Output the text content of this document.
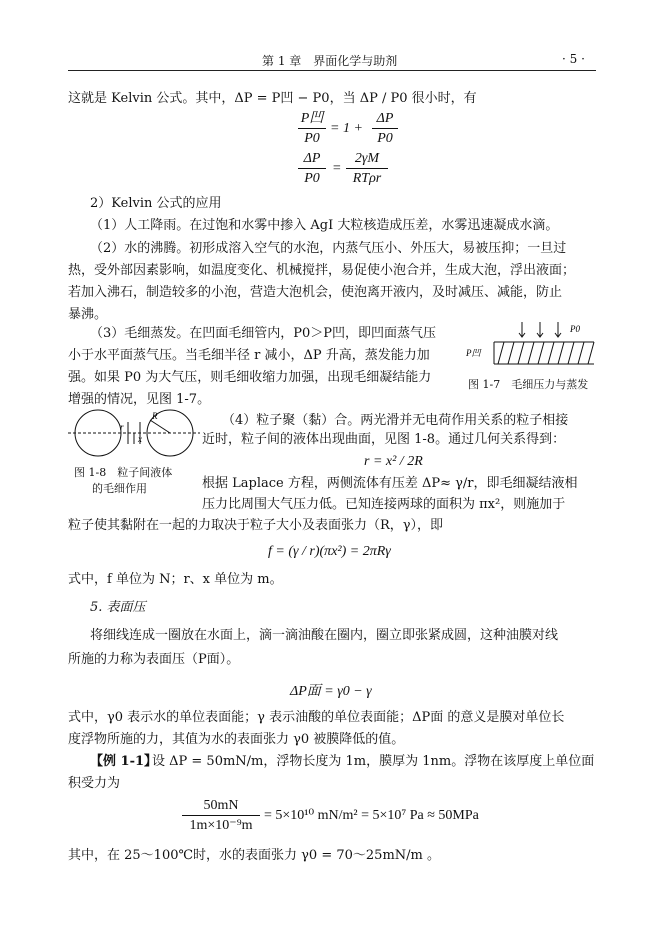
第 1 章　界面化学与助剂	· 5 ·
这就是 Kelvin 公式。其中，ΔP = P凹 − P0，当 ΔP / P0 很小时，有
P凹
P0
= 1 +
ΔP
P0
ΔP
P0
=
2γM
RTρr
2）Kelvin 公式的应用
（1）人工降雨。在过饱和水雾中掺入 AgI 大粒核造成压差，水雾迅速凝成水滴。
（2）水的沸腾。初形成溶入空气的水泡，内蒸气压小、外压大，易被压抑；一旦过
热，受外部因素影响，如温度变化、机械搅拌，易促使小泡合并，生成大泡，浮出液面；
若加入沸石，制造较多的小泡，营造大泡机会，使泡离开液内，及时减压、减能，防止
暴沸。
（3）毛细蒸发。在凹面毛细管内，P0＞P凹，即凹面蒸气压
小于水平面蒸气压。当毛细半径 r 减小，ΔP 升高，蒸发能力加
强。如果 P0 为大气压，则毛细收缩力加强，出现毛细凝结能力
增强的情况，见图 1-7。
P0
P凹
图 1-7　毛细压力与蒸发
R
r
x
图 1-8　粒子间液体
的毛细作用
（4）粒子聚（黏）合。两光滑并无电荷作用关系的粒子相接
近时，粒子间的液体出现曲面，见图 1-8。通过几何关系得到：
r = x² / 2R
根据 Laplace 方程，两侧流体有压差 ΔP≈ γ/r，即毛细凝结液相
压力比周围大气压力低。已知连接两球的面积为 πx²，则施加于
粒子使其黏附在一起的力取决于粒子大小及表面张力（R，γ），即
f = (γ / r)(πx²) = 2πRγ
式中，f 单位为 N；r、x 单位为 m。
5. 表面压
将细线连成一圈放在水面上，滴一滴油酸在圈内，圈立即张紧成圆，这种油膜对线
所施的力称为表面压（P面）。
ΔP面 = γ0 − γ
式中，γ0 表示水的单位表面能；γ 表示油酸的单位表面能；ΔP面 的意义是膜对单位长
度浮物所施的力，其值为水的表面张力 γ0 被膜降低的值。
【例 1-1】
设 ΔP = 50mN/m，浮物长度为 1m，膜厚为 1nm。浮物在该厚度上单位面
积受力为
50mN
1m×10⁻⁹m
= 5×10¹⁰ mN/m² = 5×10⁷ Pa ≈ 50MPa
其中，在 25～100℃时，水的表面张力 γ0 = 70～25mN/m 。
